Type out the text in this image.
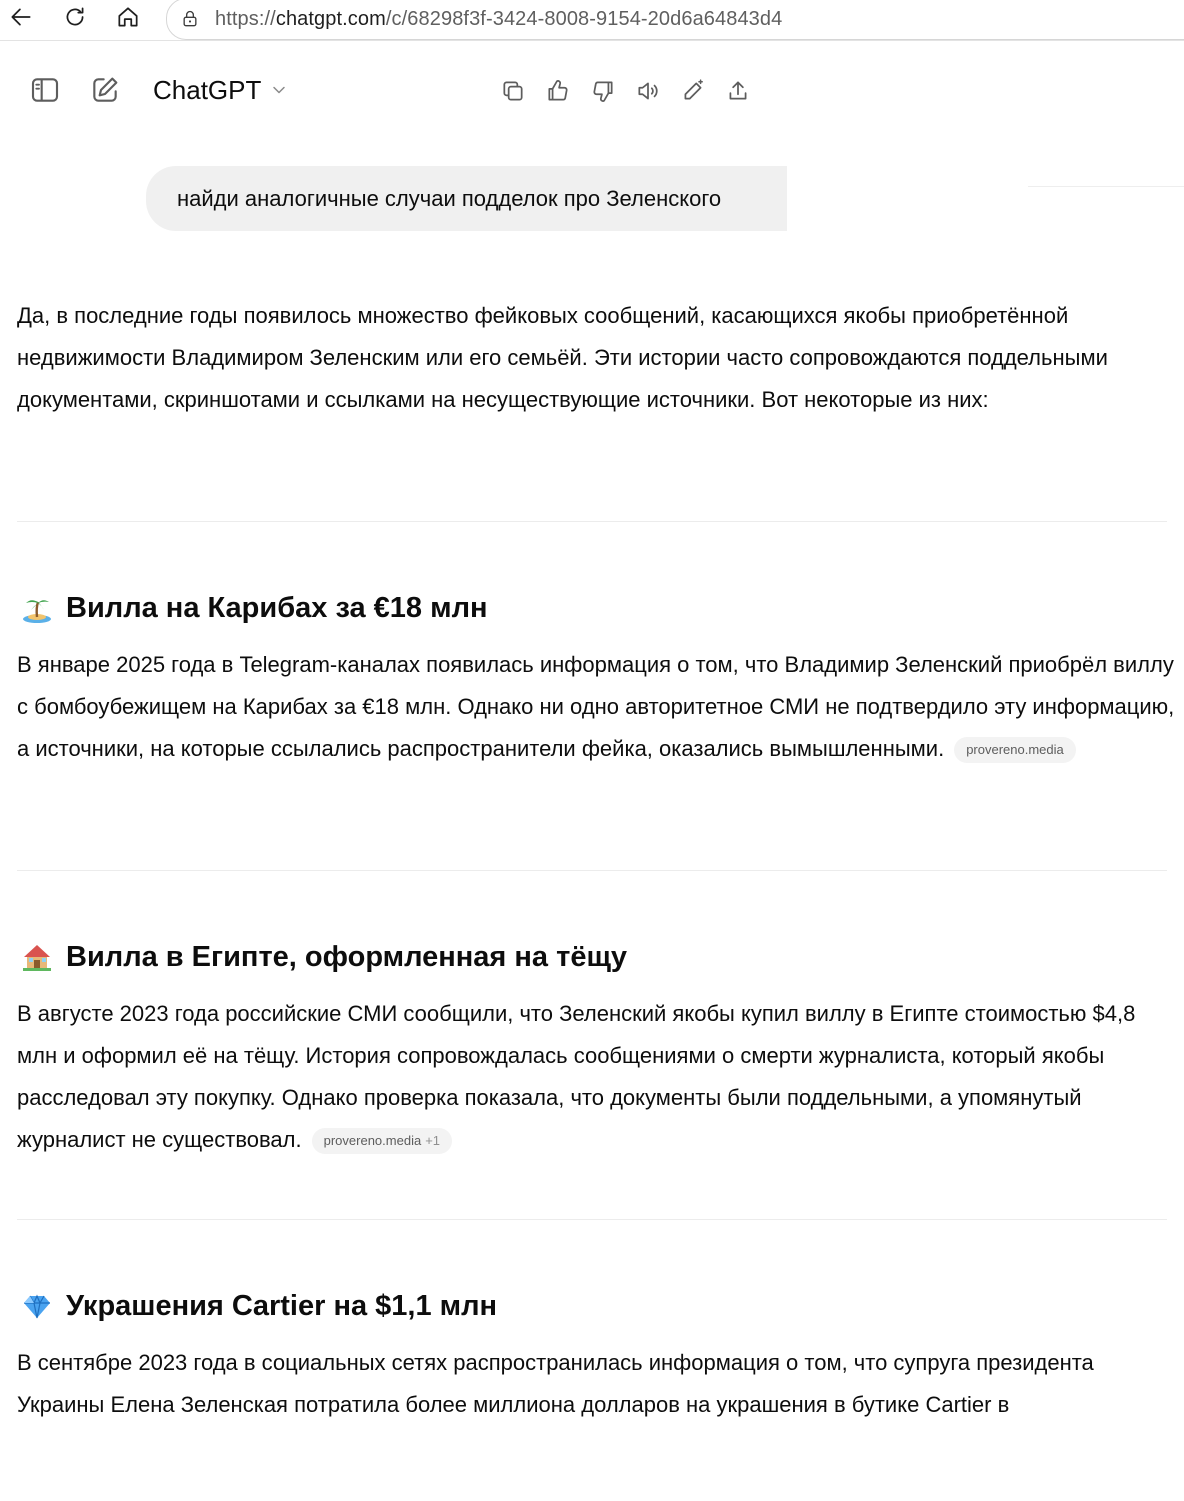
https://chatgpt.com/c/68298f3f-3424-8008-9154-20d6a64843d4
ChatGPT
найди аналогичные случаи подделок про Зеленского
Да, в последние годы появилось множество фейковых сообщений, касающихся якобы приобретённой недвижимости Владимиром Зеленским или его семьёй. Эти истории часто сопровождаются поддельными документами, скриншотами и ссылками на несуществующие источники. Вот некоторые из них:
Вилла на Карибах за €18 млн
В январе 2025 года в Telegram-каналах появилась информация о том, что Владимир Зеленский приобрёл виллу с бомбоубежищем на Карибах за €18 млн. Однако ни одно авторитетное СМИ не подтвердило эту информацию, а источники, на которые ссылались распространители фейка, оказались вымышленными. provereno.media
Вилла в Египте, оформленная на тёщу
В августе 2023 года российские СМИ сообщили, что Зеленский якобы купил виллу в Египте стоимостью $4,8 млн и оформил её на тёщу. История сопровождалась сообщениями о смерти журналиста, который якобы расследовал эту покупку. Однако проверка показала, что документы были поддельными, а упомянутый журналист не существовал. provereno.media +1
Украшения Cartier на $1,1 млн
В сентябре 2023 года в социальных сетях распространилась информация о том, что супруга президента Украины Елена Зеленская потратила более миллиона долларов на украшения в бутике Cartier в
